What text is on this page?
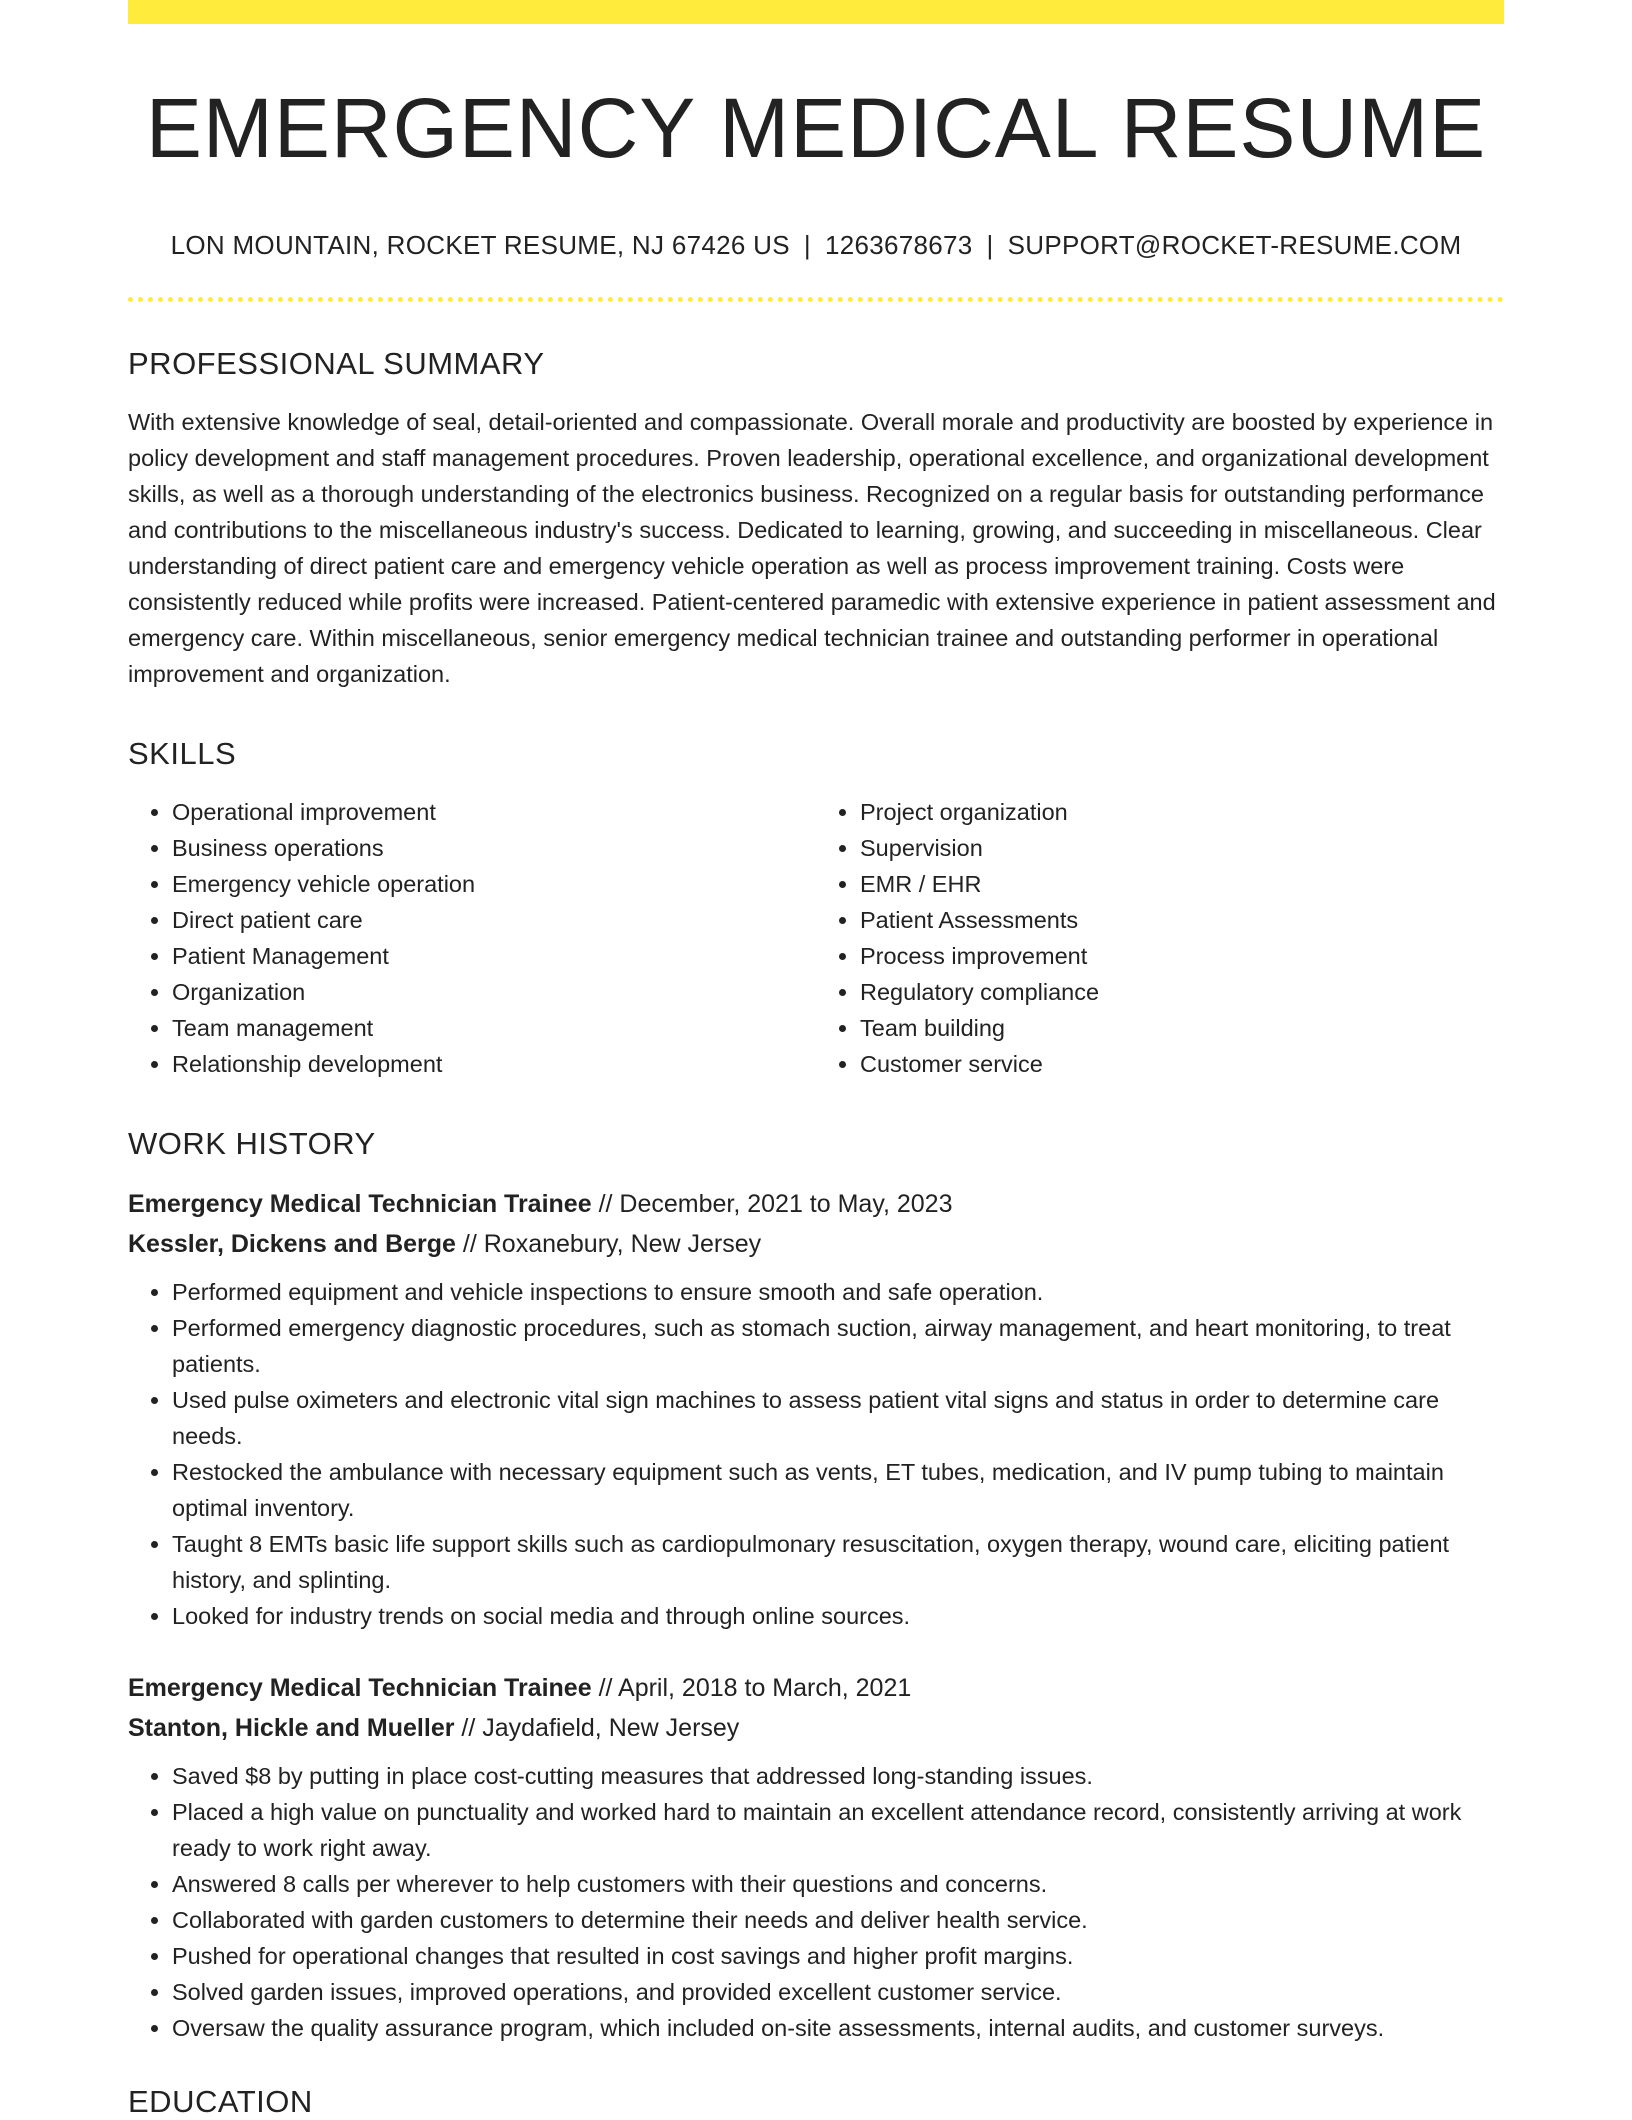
EMERGENCY MEDICAL RESUME
LON MOUNTAIN, ROCKET RESUME, NJ 67426 US | 1263678673 | SUPPORT@ROCKET-RESUME.COM
PROFESSIONAL SUMMARY
With extensive knowledge of seal, detail-oriented and compassionate. Overall morale and productivity are boosted by experience in policy development and staff management procedures. Proven leadership, operational excellence, and organizational development skills, as well as a thorough understanding of the electronics business. Recognized on a regular basis for outstanding performance and contributions to the miscellaneous industry's success. Dedicated to learning, growing, and succeeding in miscellaneous. Clear understanding of direct patient care and emergency vehicle operation as well as process improvement training. Costs were consistently reduced while profits were increased. Patient-centered paramedic with extensive experience in patient assessment and emergency care. Within miscellaneous, senior emergency medical technician trainee and outstanding performer in operational improvement and organization.
SKILLS
• Operational improvement
• Business operations
• Emergency vehicle operation
• Direct patient care
• Patient Management
• Organization
• Team management
• Relationship development
• Project organization
• Supervision
• EMR / EHR
• Patient Assessments
• Process improvement
• Regulatory compliance
• Team building
• Customer service
WORK HISTORY
Emergency Medical Technician Trainee // December, 2021 to May, 2023
Kessler, Dickens and Berge // Roxanebury, New Jersey
• Performed equipment and vehicle inspections to ensure smooth and safe operation.
• Performed emergency diagnostic procedures, such as stomach suction, airway management, and heart monitoring, to treat patients.
• Used pulse oximeters and electronic vital sign machines to assess patient vital signs and status in order to determine care needs.
• Restocked the ambulance with necessary equipment such as vents, ET tubes, medication, and IV pump tubing to maintain optimal inventory.
• Taught 8 EMTs basic life support skills such as cardiopulmonary resuscitation, oxygen therapy, wound care, eliciting patient history, and splinting.
• Looked for industry trends on social media and through online sources.
Emergency Medical Technician Trainee // April, 2018 to March, 2021
Stanton, Hickle and Mueller // Jaydafield, New Jersey
• Saved $8 by putting in place cost-cutting measures that addressed long-standing issues.
• Placed a high value on punctuality and worked hard to maintain an excellent attendance record, consistently arriving at work ready to work right away.
• Answered 8 calls per wherever to help customers with their questions and concerns.
• Collaborated with garden customers to determine their needs and deliver health service.
• Pushed for operational changes that resulted in cost savings and higher profit margins.
• Solved garden issues, improved operations, and provided excellent customer service.
• Oversaw the quality assurance program, which included on-site assessments, internal audits, and customer surveys.
EDUCATION
